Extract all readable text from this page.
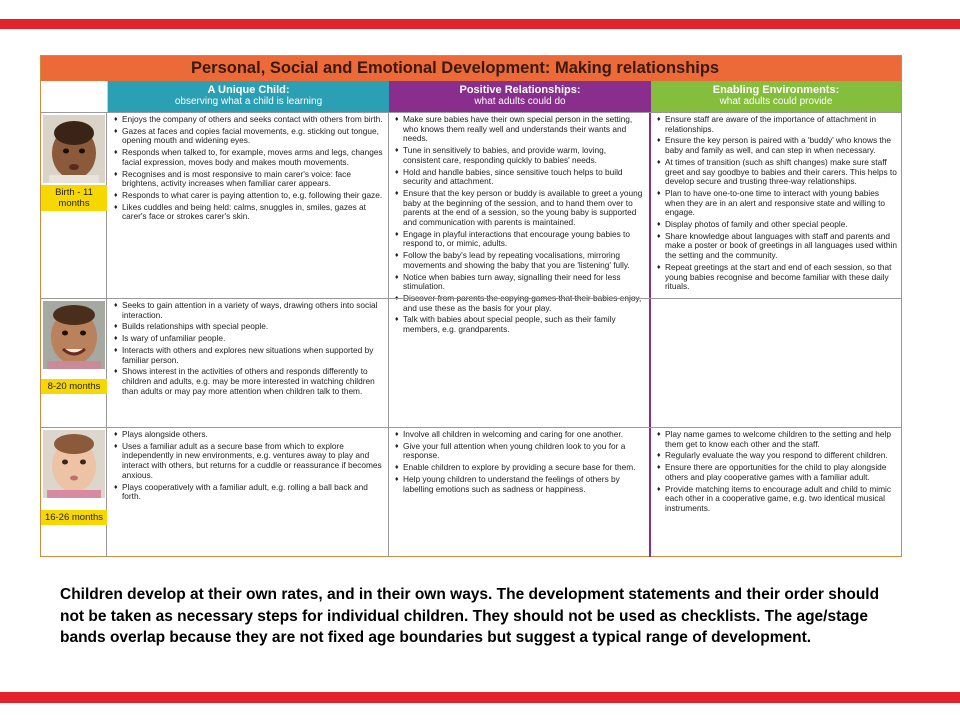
Personal, Social and Emotional Development: Making relationships
A Unique Child:
observing what a child is learning
Positive Relationships:
what adults could do
Enabling Environments:
what adults could provide
Birth - 11 months
♦ Enjoys the company of others and seeks contact with others from birth.
♦ Gazes at faces and copies facial movements, e.g. sticking out tongue, opening mouth and widening eyes.
♦ Responds when talked to, for example, moves arms and legs, changes facial expression, moves body and makes mouth movements.
♦ Recognises and is most responsive to main carer's voice: face brightens, activity increases when familiar carer appears.
♦ Responds to what carer is paying attention to, e.g. following their gaze.
♦ Likes cuddles and being held: calms, snuggles in, smiles, gazes at carer's face or strokes carer's skin.
♦ Make sure babies have their own special person in the setting, who knows them really well and understands their wants and needs.
♦ Tune in sensitively to babies, and provide warm, loving, consistent care, responding quickly to babies' needs.
♦ Hold and handle babies, since sensitive touch helps to build security and attachment.
♦ Ensure that the key person or buddy is available to greet a young baby at the beginning of the session, and to hand them over to parents at the end of a session, so the young baby is supported and communication with parents is maintained.
♦ Engage in playful interactions that encourage young babies to respond to, or mimic, adults.
♦ Follow the baby's lead by repeating vocalisations, mirroring movements and showing the baby that you are 'listening' fully.
♦ Notice when babies turn away, signalling their need for less stimulation.
♦ Discover from parents the copying games that their babies enjoy, and use these as the basis for your play.
♦ Talk with babies about special people, such as their family members, e.g. grandparents.
♦ Ensure staff are aware of the importance of attachment in relationships.
♦ Ensure the key person is paired with a 'buddy' who knows the baby and family as well, and can step in when necessary.
♦ At times of transition (such as shift changes) make sure staff greet and say goodbye to babies and their carers. This helps to develop secure and trusting three-way relationships.
♦ Plan to have one-to-one time to interact with young babies when they are in an alert and responsive state and willing to engage.
♦ Display photos of family and other special people.
♦ Share knowledge about languages with staff and parents and make a poster or book of greetings in all languages used within the setting and the community.
♦ Repeat greetings at the start and end of each session, so that young babies recognise and become familiar with these daily rituals.
8-20 months
♦ Seeks to gain attention in a variety of ways, drawing others into social interaction.
♦ Builds relationships with special people.
♦ Is wary of unfamiliar people.
♦ Interacts with others and explores new situations when supported by familiar person.
♦ Shows interest in the activities of others and responds differently to children and adults, e.g. may be more interested in watching children than adults or may pay more attention when children talk to them.
16-26 months
♦ Plays alongside others.
♦ Uses a familiar adult as a secure base from which to explore independently in new environments, e.g. ventures away to play and interact with others, but returns for a cuddle or reassurance if becomes anxious.
♦ Plays cooperatively with a familiar adult, e.g. rolling a ball back and forth.
♦ Involve all children in welcoming and caring for one another.
♦ Give your full attention when young children look to you for a response.
♦ Enable children to explore by providing a secure base for them.
♦ Help young children to understand the feelings of others by labelling emotions such as sadness or happiness.
♦ Play name games to welcome children to the setting and help them get to know each other and the staff.
♦ Regularly evaluate the way you respond to different children.
♦ Ensure there are opportunities for the child to play alongside others and play cooperative games with a familiar adult.
♦ Provide matching items to encourage adult and child to mimic each other in a cooperative game, e.g. two identical musical instruments.
Children develop at their own rates, and in their own ways. The development statements and their order should not be taken as necessary steps for individual children. They should not be used as checklists. The age/stage bands overlap because they are not fixed age boundaries but suggest a typical range of development.
